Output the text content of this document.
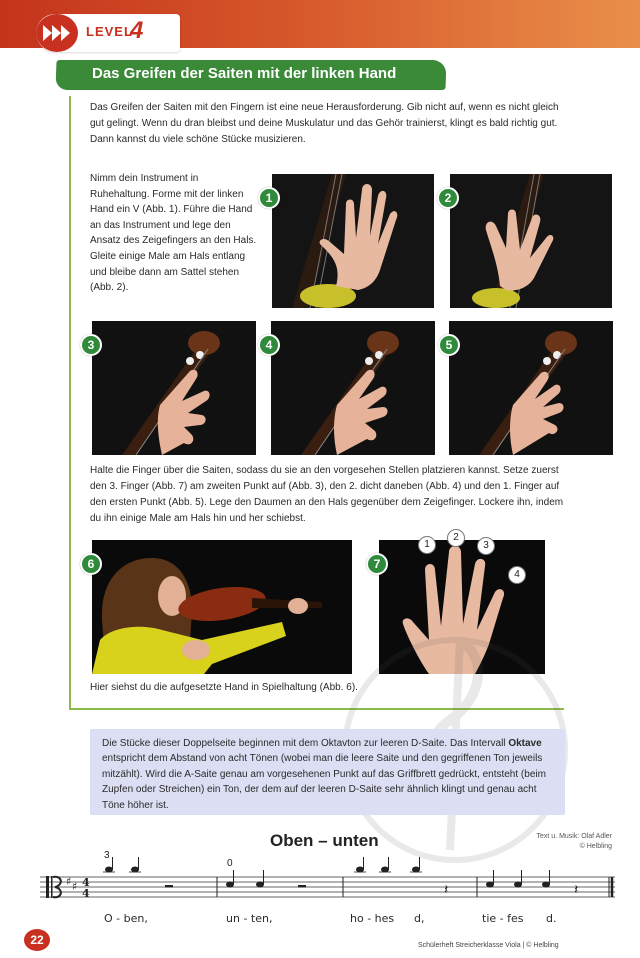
LEVEL
4
Das Greifen der Saiten mit der linken Hand
Das Greifen der Saiten mit den Fingern ist eine neue Herausforderung. Gib nicht auf, wenn es nicht gleich gut gelingt. Wenn du dran bleibst und deine Muskulatur und das Gehör trainierst, klingt es bald richtig gut. Dann kannst du viele schöne Stücke musizieren.
Nimm dein Instrument in Ruhehaltung. Forme mit der linken Hand ein V (Abb. 1). Führe die Hand an das Instrument und lege den Ansatz des Zeigefingers an den Hals. Gleite einige Male am Hals entlang und bleibe dann am Sattel stehen (Abb. 2).
1	2
3	4	5
Halte die Finger über die Saiten, sodass du sie an den vorgesehen Stellen platzieren kannst. Setze zuerst den 3. Finger (Abb. 7) am zweiten Punkt auf (Abb. 3), den 2. dicht daneben (Abb. 4) und den 1. Finger auf den ersten Punkt (Abb. 5). Lege den Daumen an den Hals gegenüber dem Zeigefinger. Lockere ihn, indem du ihn einige Male am Hals hin und her schiebst.
6	7
1
2
3
4
Hier siehst du die aufgesetzte Hand in Spielhaltung (Abb. 6).
Die Stücke dieser Doppelseite beginnen mit dem Oktavton zur leeren D-Saite. Das Intervall Oktave entspricht dem Abstand von acht Tönen (wobei man die leere Saite und den gegriffenen Ton jeweils mitzählt). Wird die A-Saite genau am vorgesehenen Punkt auf das Griffbrett gedrückt, entsteht (beim Zupfen oder Streichen) ein Ton, der dem auf der leeren D-Saite sehr ähnlich klingt und genau acht Töne höher ist.
Oben – unten	Text u. Musik: Olaf Adler
© Helbling
♯ ♯ 4
4	𝄽	𝄽
3
0
O - ben,	un - ten,	ho - hes d,	tie - fes d.
22	Schülerheft Streicherklasse Viola | © Helbling
